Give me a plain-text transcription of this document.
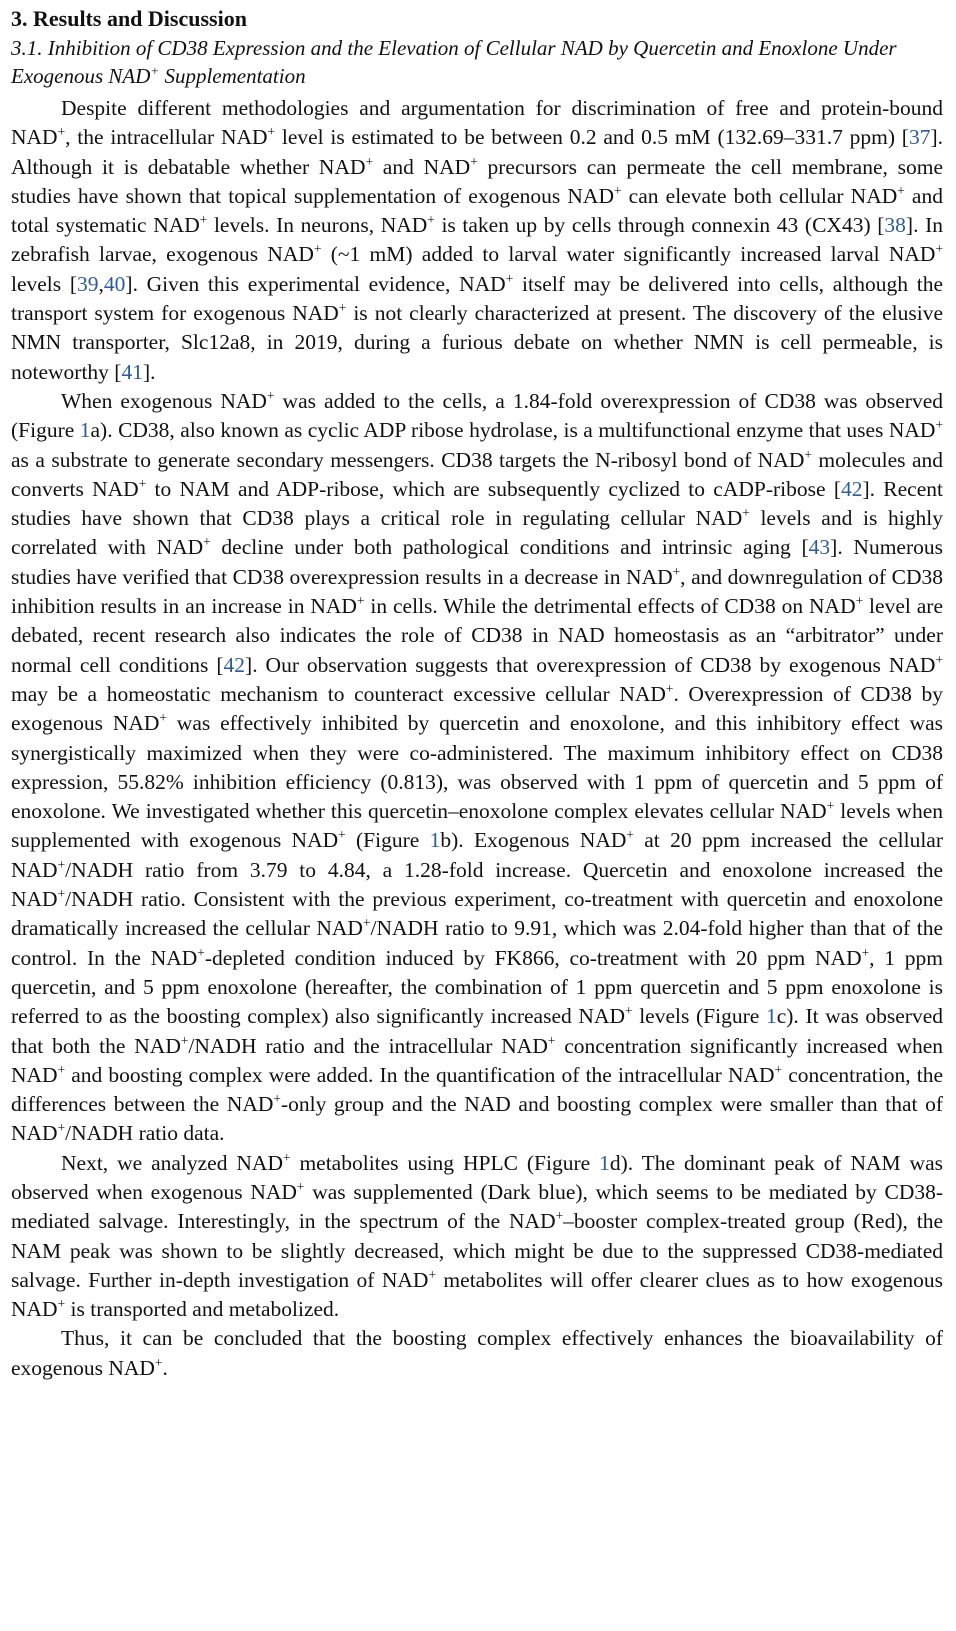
3. Results and Discussion
3.1. Inhibition of CD38 Expression and the Elevation of Cellular NAD by Quercetin and Enoxlone Under Exogenous NAD+ Supplementation

Despite different methodologies and argumentation for discrimination of free and protein-bound NAD+, the intracellular NAD+ level is estimated to be between 0.2 and 0.5 mM (132.69–331.7 ppm) [37]. Although it is debatable whether NAD+ and NAD+ precursors can permeate the cell membrane, some studies have shown that topical supplementation of exogenous NAD+ can elevate both cellular NAD+ and total systematic NAD+ levels. In neurons, NAD+ is taken up by cells through connexin 43 (CX43) [38]. In zebrafish larvae, exogenous NAD+ (~1 mM) added to larval water significantly increased larval NAD+ levels [39,40]. Given this experimental evidence, NAD+ itself may be delivered into cells, although the transport system for exogenous NAD+ is not clearly characterized at present. The discovery of the elusive NMN transporter, Slc12a8, in 2019, during a furious debate on whether NMN is cell permeable, is noteworthy [41].

When exogenous NAD+ was added to the cells, a 1.84-fold overexpression of CD38 was observed (Figure 1a). CD38, also known as cyclic ADP ribose hydrolase, is a multifunctional enzyme that uses NAD+ as a substrate to generate secondary messengers. CD38 targets the N-ribosyl bond of NAD+ molecules and converts NAD+ to NAM and ADP-ribose, which are subsequently cyclized to cADP-ribose [42]. Recent studies have shown that CD38 plays a critical role in regulating cellular NAD+ levels and is highly correlated with NAD+ decline under both pathological conditions and intrinsic aging [43]. Numerous studies have verified that CD38 overexpression results in a decrease in NAD+, and downregulation of CD38 inhibition results in an increase in NAD+ in cells. While the detrimental effects of CD38 on NAD+ level are debated, recent research also indicates the role of CD38 in NAD homeostasis as an “arbitrator” under normal cell conditions [42]. Our observation suggests that overexpression of CD38 by exogenous NAD+ may be a homeostatic mechanism to counteract excessive cellular NAD+. Overexpression of CD38 by exogenous NAD+ was effectively inhibited by quercetin and enoxolone, and this inhibitory effect was synergistically maximized when they were co-administered. The maximum inhibitory effect on CD38 expression, 55.82% inhibition efficiency (0.813), was observed with 1 ppm of quercetin and 5 ppm of enoxolone. We investigated whether this quercetin–enoxolone complex elevates cellular NAD+ levels when supplemented with exogenous NAD+ (Figure 1b). Exogenous NAD+ at 20 ppm increased the cellular NAD+/NADH ratio from 3.79 to 4.84, a 1.28-fold increase. Quercetin and enoxolone increased the NAD+/NADH ratio. Consistent with the previous experiment, co-treatment with quercetin and enoxolone dramatically increased the cellular NAD+/NADH ratio to 9.91, which was 2.04-fold higher than that of the control. In the NAD+-depleted condition induced by FK866, co-treatment with 20 ppm NAD+, 1 ppm quercetin, and 5 ppm enoxolone (hereafter, the combination of 1 ppm quercetin and 5 ppm enoxolone is referred to as the boosting complex) also significantly increased NAD+ levels (Figure 1c). It was observed that both the NAD+/NADH ratio and the intracellular NAD+ concentration significantly increased when NAD+ and boosting complex were added. In the quantification of the intracellular NAD+ concentration, the differences between the NAD+-only group and the NAD and boosting complex were smaller than that of NAD+/NADH ratio data.

Next, we analyzed NAD+ metabolites using HPLC (Figure 1d). The dominant peak of NAM was observed when exogenous NAD+ was supplemented (Dark blue), which seems to be mediated by CD38-mediated salvage. Interestingly, in the spectrum of the NAD+–booster complex-treated group (Red), the NAM peak was shown to be slightly decreased, which might be due to the suppressed CD38-mediated salvage. Further in-depth investigation of NAD+ metabolites will offer clearer clues as to how exogenous NAD+ is transported and metabolized.

Thus, it can be concluded that the boosting complex effectively enhances the bioavailability of exogenous NAD+.
